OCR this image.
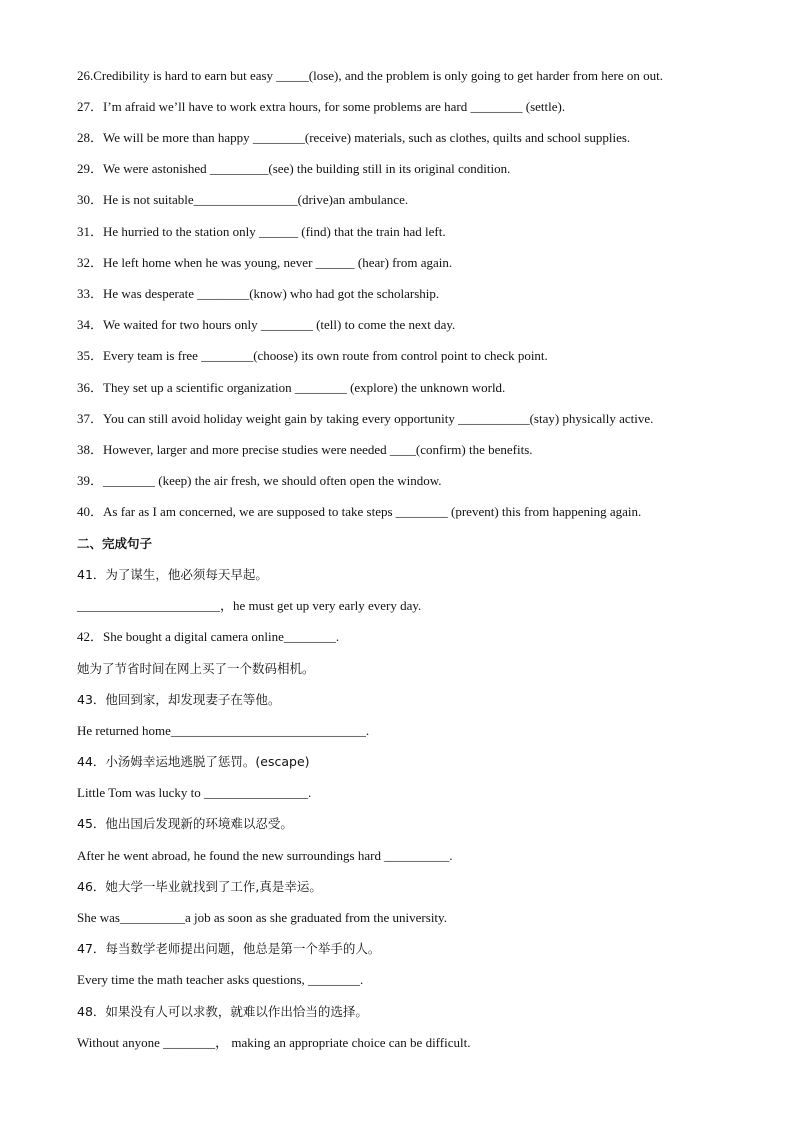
26.Credibility is hard to earn but easy _____(lose), and the problem is only going to get harder from here on out.
27．I’m afraid we’ll have to work extra hours, for some problems are hard ________ (settle).
28．We will be more than happy ________(receive) materials, such as clothes, quilts and school supplies.
29．We were astonished _________(see) the building still in its original condition.
30．He is not suitable________________(drive)an ambulance.
31．He hurried to the station only ______ (find) that the train had left.
32．He left home when he was young, never ______ (hear) from again.
33．He was desperate ________(know) who had got the scholarship.
34．We waited for two hours only ________ (tell) to come the next day.
35．Every team is free ________(choose) its own route from control point to check point.
36．They set up a scientific organization ________ (explore) the unknown world.
37．You can still avoid holiday weight gain by taking every opportunity ___________(stay) physically active.
38．However, larger and more precise studies were needed ____(confirm) the benefits.
39．________ (keep) the air fresh, we should often open the window.
40．As far as I am concerned, we are supposed to take steps ________ (prevent) this from happening again.
二、完成句子
41．为了谋生，他必须每天早起。
______________________，he must get up very early every day.
42．She bought a digital camera online________.
她为了节省时间在网上买了一个数码相机。
43．他回到家，却发现妻子在等他。
He returned home______________________________.
44．小汤姆幸运地逃脱了惩罚。(escape)
Little Tom was lucky to ________________.
45．他出国后发现新的环境难以忍受。
After he went abroad, he found the new surroundings hard __________.
46．她大学一毕业就找到了工作,真是幸运。
She was__________a job as soon as she graduated from the university.
47．每当数学老师提出问题，他总是第一个举手的人。
Every time the math teacher asks questions, ________.
48．如果没有人可以求教，就难以作出恰当的选择。
Without anyone ________， making an appropriate choice can be difficult.
